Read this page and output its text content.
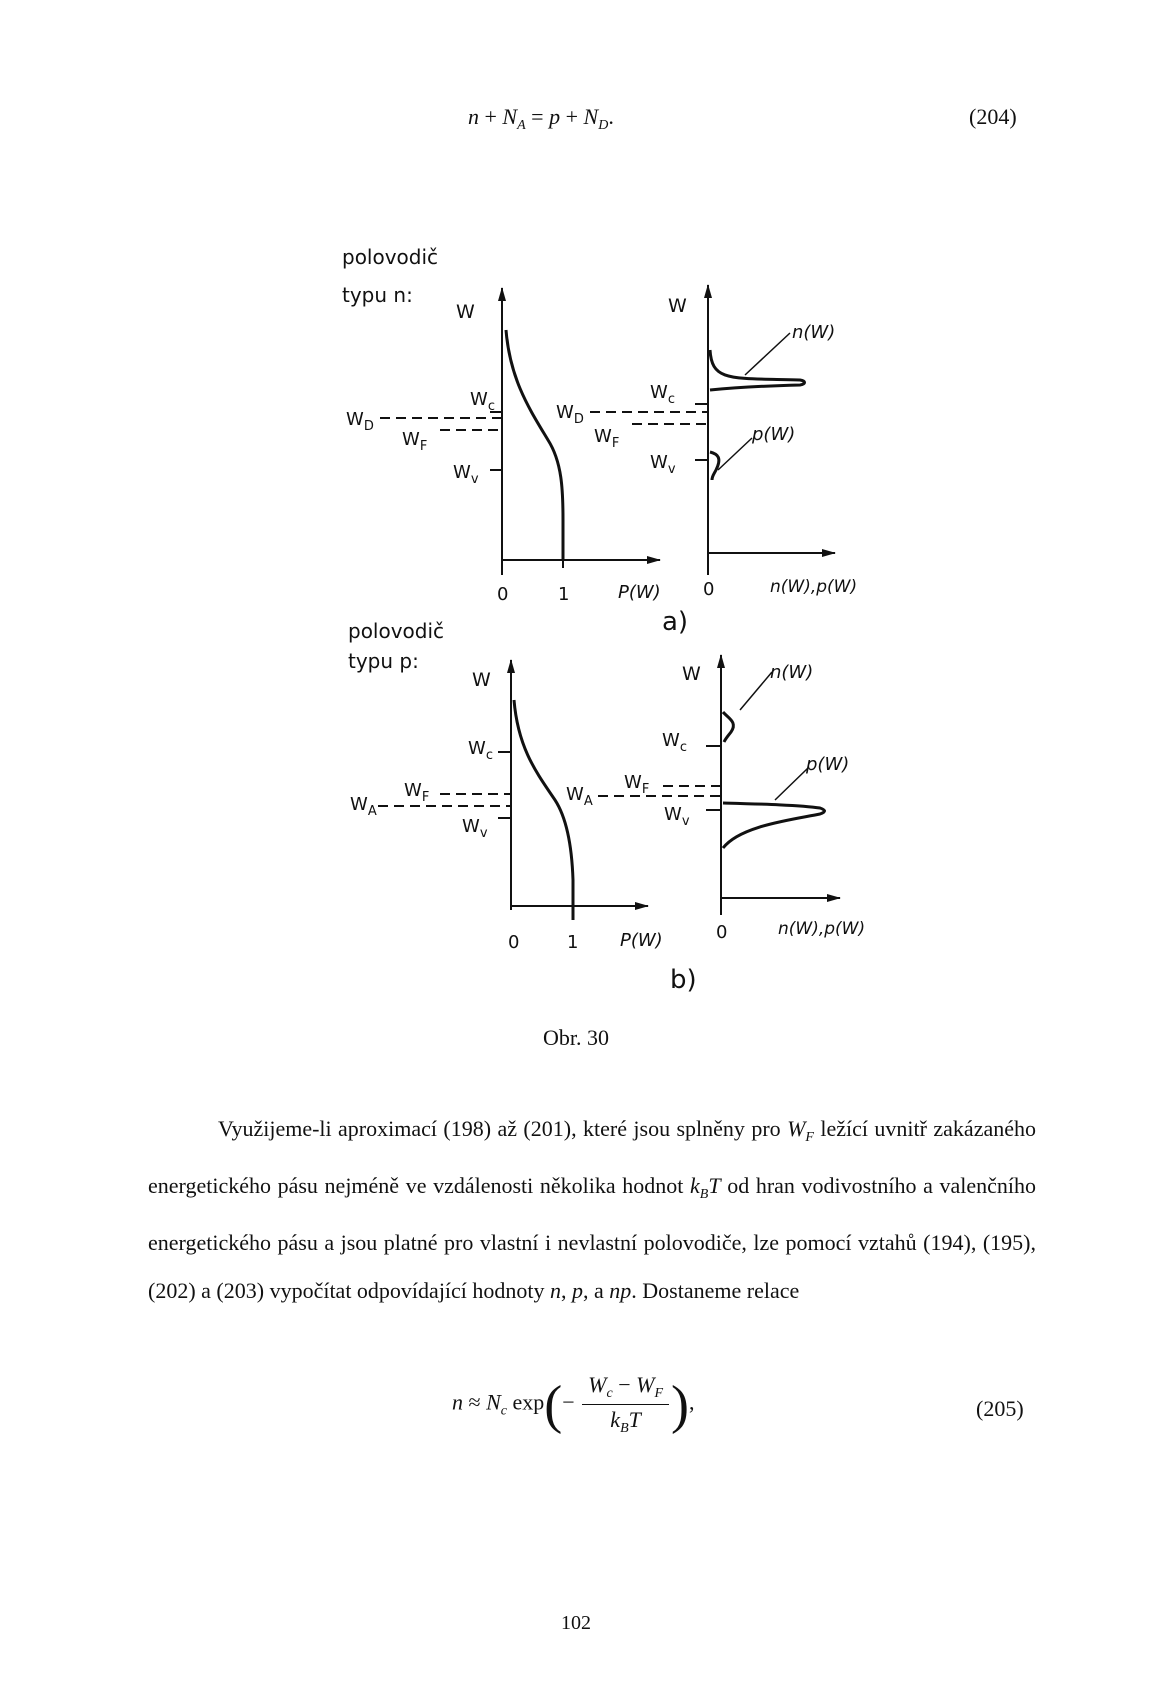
$n + N_A = p + N_D$.	(204)
polovodič
typu n:
W
$W_c$
$W_D$
$W_F$
$W_v$
0	1	P(W)
W
n(W)
p(W)
$W_c$
$W_D$
$W_F$
$W_v$
0	n(W),p(W)
a)
polovodič
typu p:
W
$W_c$
$W_F$
$W_A$
$W_v$
0	1 P(W)
W	n(W)
p(W)
$W_c$
$W_F$
$W_A$
$W_v$
0	n(W),p(W)
b)
Obr. 30

Využijeme-li aproximací (198) až (201), které jsou splněny pro $W_F$ ležící uvnitř zakázaného energetického pásu nejméně ve vzdálenosti několika hodnot $k_BT$ od hran vodivostního a valenčního energetického pásu a jsou platné pro vlastní i nevlastní polovodiče, lze pomocí vztahů (194), (195), (202) a (203) vypočítat odpovídající hodnoty n, p, a np. Dostaneme relace

$n \approx N_c$ $\exp(- \frac{W_c - W_F}{k_BT}$ ),	(205)
102
